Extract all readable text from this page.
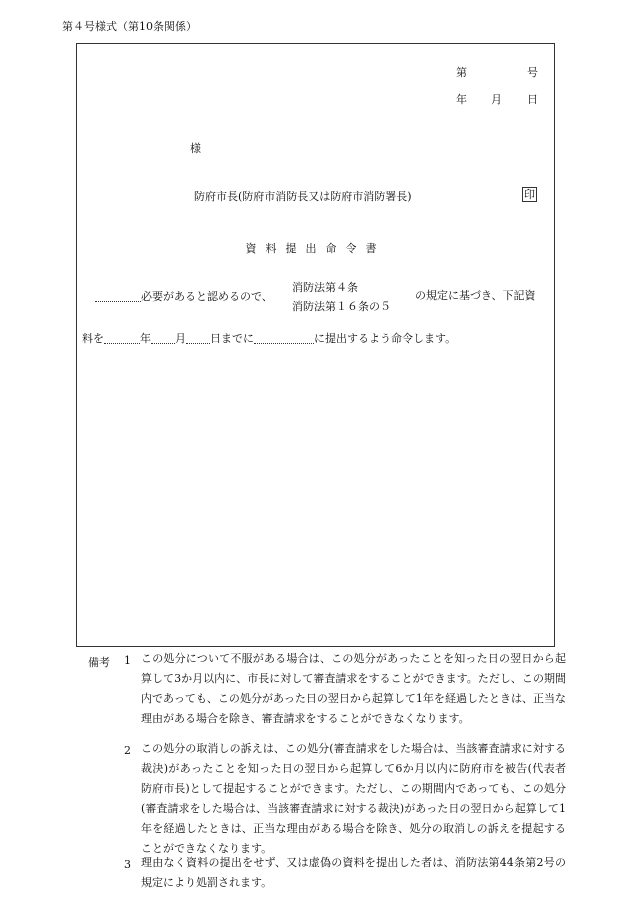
第４号様式（第10条関係）
第	号
年 月 日
様
防府市長(防府市消防長又は防府市消防署長)	印
資料提出命令書
必要があると認めるので、
消防法第４条
消防法第１６条の５
の規定に基づき、下記資
料を	年 月 日までに	に提出するよう命令します。
備考 1 この処分について不服がある場合は、この処分があったことを知った日の翌日から起算して3か月以内に、市長に対して審査請求をすることができます。ただし、この期間内であっても、この処分があった日の翌日から起算して1年を経過したときは、正当な理由がある場合を除き、審査請求をすることができなくなります。
2 この処分の取消しの訴えは、この処分(審査請求をした場合は、当該審査請求に対する裁決)があったことを知った日の翌日から起算して6か月以内に防府市を被告(代表者　防府市長)として提起することができます。ただし、この期間内であっても、この処分(審査請求をした場合は、当該審査請求に対する裁決)があった日の翌日から起算して1年を経過したときは、正当な理由がある場合を除き、処分の取消しの訴えを提起することができなくなります。
3 理由なく資料の提出をせず、又は虚偽の資料を提出した者は、消防法第44条第2号の規定により処罰されます。
